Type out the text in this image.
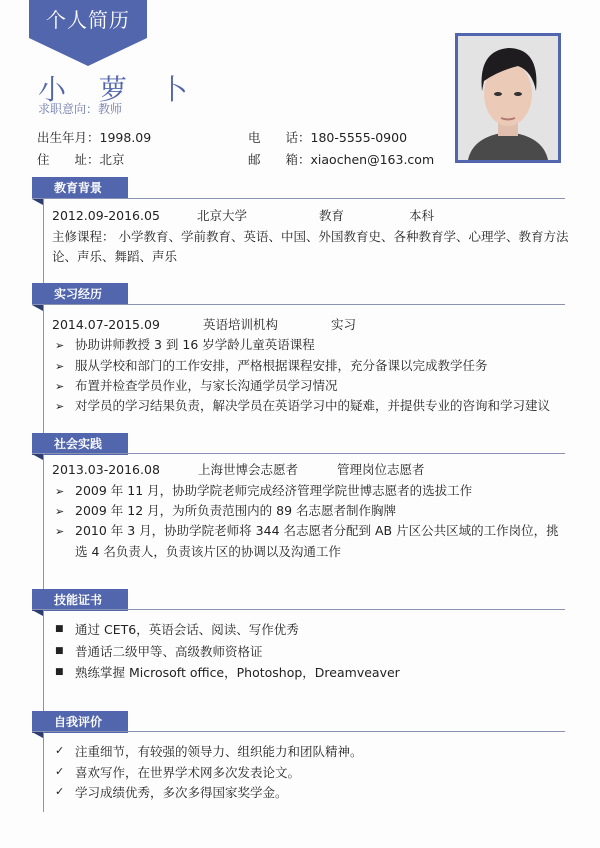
个人简历
小 萝 卜
求职意向：教师
出生年月：1998.09
住　　址：北京
电　　话：180-5555-0900
邮　　箱：xiaochen@163.com
教育背景
2012.09-2016.05	北京大学	教育	本科
主修课程： 小学教育、学前教育、英语、中国、外国教育史、各种教育学、心理学、教育方法
论、声乐、舞蹈、声乐
实习经历
2014.07-2015.09	英语培训机构	实习
➢ 协助讲师教授 3 到 16 岁学龄儿童英语课程
➢ 服从学校和部门的工作安排，严格根据课程安排，充分备课以完成教学任务
➢ 布置并检查学员作业，与家长沟通学员学习情况
➢ 对学员的学习结果负责，解决学员在英语学习中的疑难，并提供专业的咨询和学习建议
社会实践
2013.03-2016.08	上海世博会志愿者	管理岗位志愿者
➢ 2009 年 11 月，协助学院老师完成经济管理学院世博志愿者的选拔工作
➢ 2009 年 12 月，为所负责范围内的 89 名志愿者制作胸牌
➢ 2010 年 3 月，协助学院老师将 344 名志愿者分配到 AB 片区公共区域的工作岗位，挑选 4 名负责人，负责该片区的协调以及沟通工作
技能证书
■ 通过 CET6，英语会话、阅读、写作优秀
■ 普通话二级甲等、高级教师资格证
■ 熟练掌握 Microsoft office，Photoshop，Dreamveaver
自我评价
✓ 注重细节，有较强的领导力、组织能力和团队精神。
✓ 喜欢写作，在世界学术网多次发表论文。
✓ 学习成绩优秀，多次多得国家奖学金。
